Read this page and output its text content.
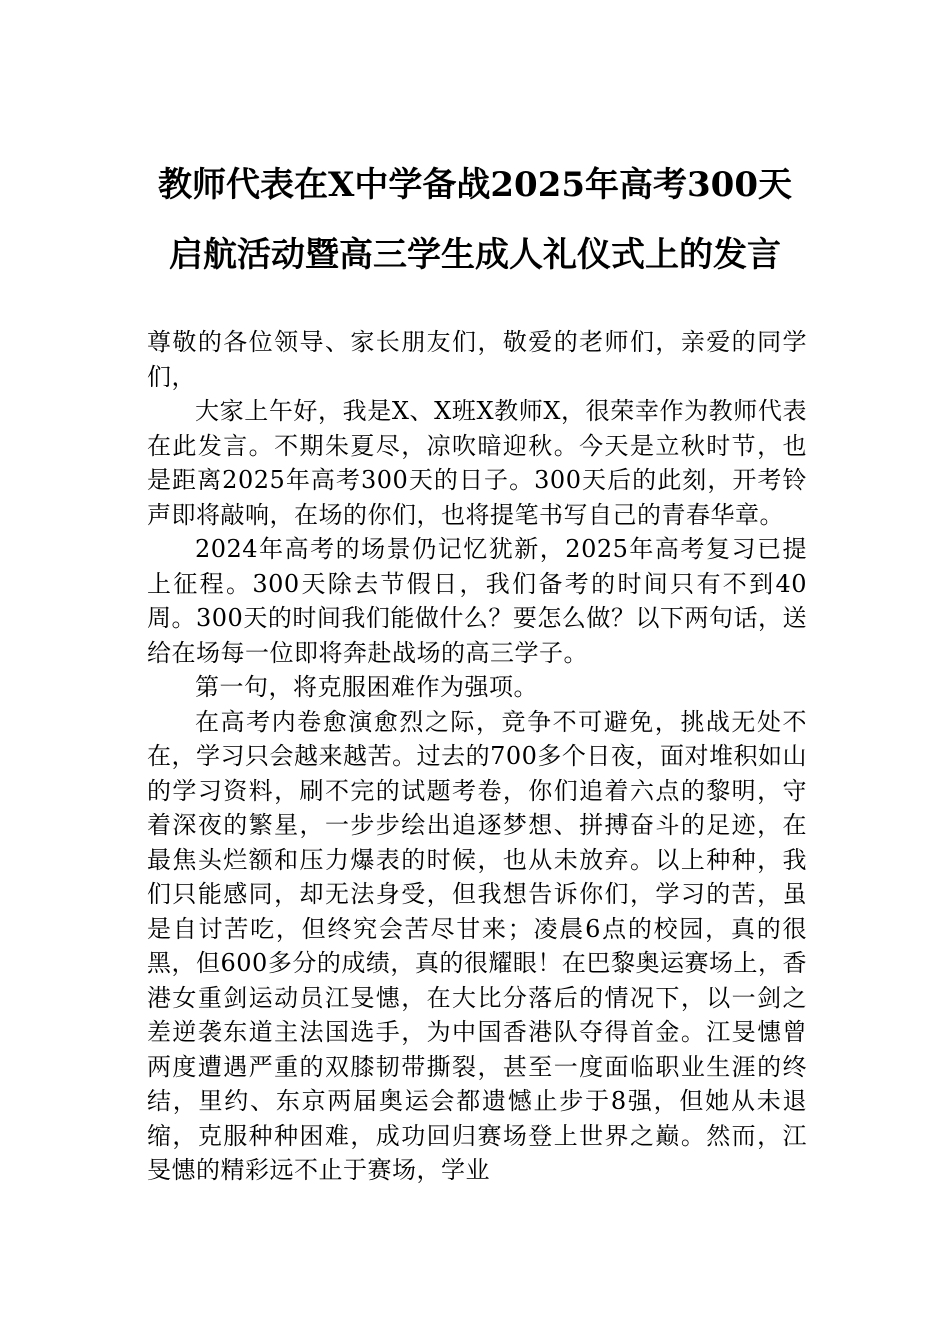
教师代表在X中学备战2025年高考300天
启航活动暨高三学生成人礼仪式上的发言

尊敬的各位领导、家长朋友们，敬爱的老师们，亲爱的同学们，

大家上午好，我是X、X班X教师X，很荣幸作为教师代表在此发言。不期朱夏尽，凉吹暗迎秋。今天是立秋时节，也是距离2025年高考300天的日子。300天后的此刻，开考铃声即将敲响，在场的你们，也将提笔书写自己的青春华章。

2024年高考的场景仍记忆犹新，2025年高考复习已提上征程。300天除去节假日，我们备考的时间只有不到40周。300天的时间我们能做什么？要怎么做？以下两句话，送给在场每一位即将奔赴战场的高三学子。

第一句，将克服困难作为强项。

在高考内卷愈演愈烈之际，竞争不可避免，挑战无处不在，学习只会越来越苦。过去的700多个日夜，面对堆积如山的学习资料，刷不完的试题考卷，你们追着六点的黎明，守着深夜的繁星，一步步绘出追逐梦想、拼搏奋斗的足迹，在最焦头烂额和压力爆表的时候，也从未放弃。以上种种，我们只能感同，却无法身受，但我想告诉你们，学习的苦，虽是自讨苦吃，但终究会苦尽甘来；凌晨6点的校园，真的很黑，但600多分的成绩，真的很耀眼！在巴黎奥运赛场上，香港女重剑运动员江旻憓，在大比分落后的情况下，以一剑之差逆袭东道主法国选手，为中国香港队夺得首金。江旻憓曾两度遭遇严重的双膝韧带撕裂，甚至一度面临职业生涯的终结，里约、东京两届奥运会都遗憾止步于8强，但她从未退缩，克服种种困难，成功回归赛场登上世界之巅。然而，江旻憓的精彩远不止于赛场，学业
